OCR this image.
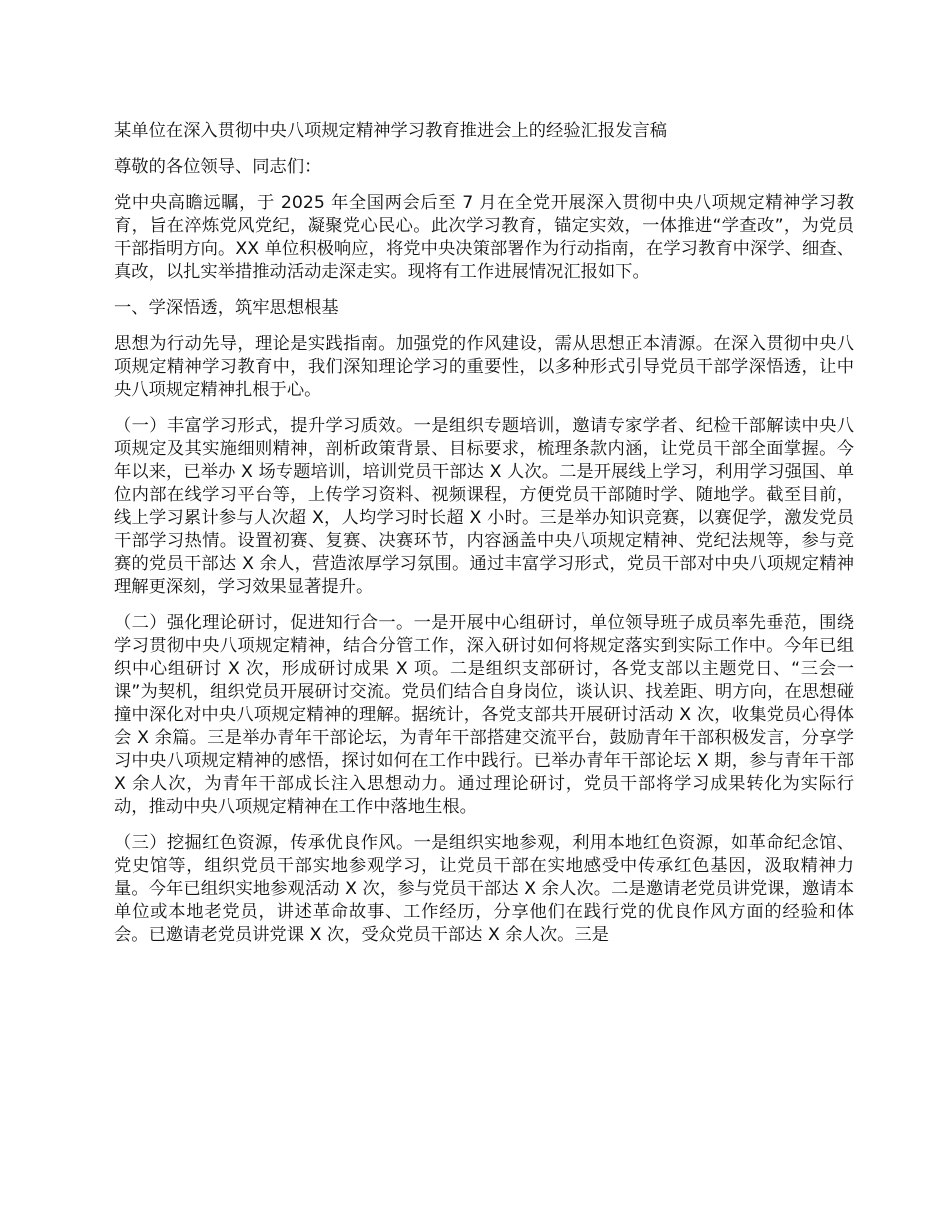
某单位在深入贯彻中央八项规定精神学习教育推进会上的经验汇报发言稿

尊敬的各位领导、同志们：

党中央高瞻远瞩，于 2025 年全国两会后至 7 月在全党开展深入贯彻中央八项规定精神学习教育，旨在淬炼党风党纪，凝聚党心民心。此次学习教育，锚定实效，一体推进“学查改”，为党员干部指明方向。XX 单位积极响应，将党中央决策部署作为行动指南，在学习教育中深学、细查、真改，以扎实举措推动活动走深走实。现将有工作进展情况汇报如下。

一、学深悟透，筑牢思想根基

思想为行动先导，理论是实践指南。加强党的作风建设，需从思想正本清源。在深入贯彻中央八项规定精神学习教育中，我们深知理论学习的重要性，以多种形式引导党员干部学深悟透，让中央八项规定精神扎根于心。

（一）丰富学习形式，提升学习质效。一是组织专题培训，邀请专家学者、纪检干部解读中央八项规定及其实施细则精神，剖析政策背景、目标要求，梳理条款内涵，让党员干部全面掌握。今年以来，已举办 X 场专题培训，培训党员干部达 X 人次。二是开展线上学习，利用学习强国、单位内部在线学习平台等，上传学习资料、视频课程，方便党员干部随时学、随地学。截至目前，线上学习累计参与人次超 X，人均学习时长超 X 小时。三是举办知识竞赛，以赛促学，激发党员干部学习热情。设置初赛、复赛、决赛环节，内容涵盖中央八项规定精神、党纪法规等，参与竞赛的党员干部达 X 余人，营造浓厚学习氛围。通过丰富学习形式，党员干部对中央八项规定精神理解更深刻，学习效果显著提升。

（二）强化理论研讨，促进知行合一。一是开展中心组研讨，单位领导班子成员率先垂范，围绕学习贯彻中央八项规定精神，结合分管工作，深入研讨如何将规定落实到实际工作中。今年已组织中心组研讨 X 次，形成研讨成果 X 项。二是组织支部研讨，各党支部以主题党日、“三会一课”为契机，组织党员开展研讨交流。党员们结合自身岗位，谈认识、找差距、明方向，在思想碰撞中深化对中央八项规定精神的理解。据统计，各党支部共开展研讨活动 X 次，收集党员心得体会 X 余篇。三是举办青年干部论坛，为青年干部搭建交流平台，鼓励青年干部积极发言，分享学习中央八项规定精神的感悟，探讨如何在工作中践行。已举办青年干部论坛 X 期，参与青年干部 X 余人次，为青年干部成长注入思想动力。通过理论研讨，党员干部将学习成果转化为实际行动，推动中央八项规定精神在工作中落地生根。

（三）挖掘红色资源，传承优良作风。一是组织实地参观，利用本地红色资源，如革命纪念馆、党史馆等，组织党员干部实地参观学习，让党员干部在实地感受中传承红色基因，汲取精神力量。今年已组织实地参观活动 X 次，参与党员干部达 X 余人次。二是邀请老党员讲党课，邀请本单位或本地老党员，讲述革命故事、工作经历，分享他们在践行党的优良作风方面的经验和体会。已邀请老党员讲党课 X 次，受众党员干部达 X 余人次。三是
